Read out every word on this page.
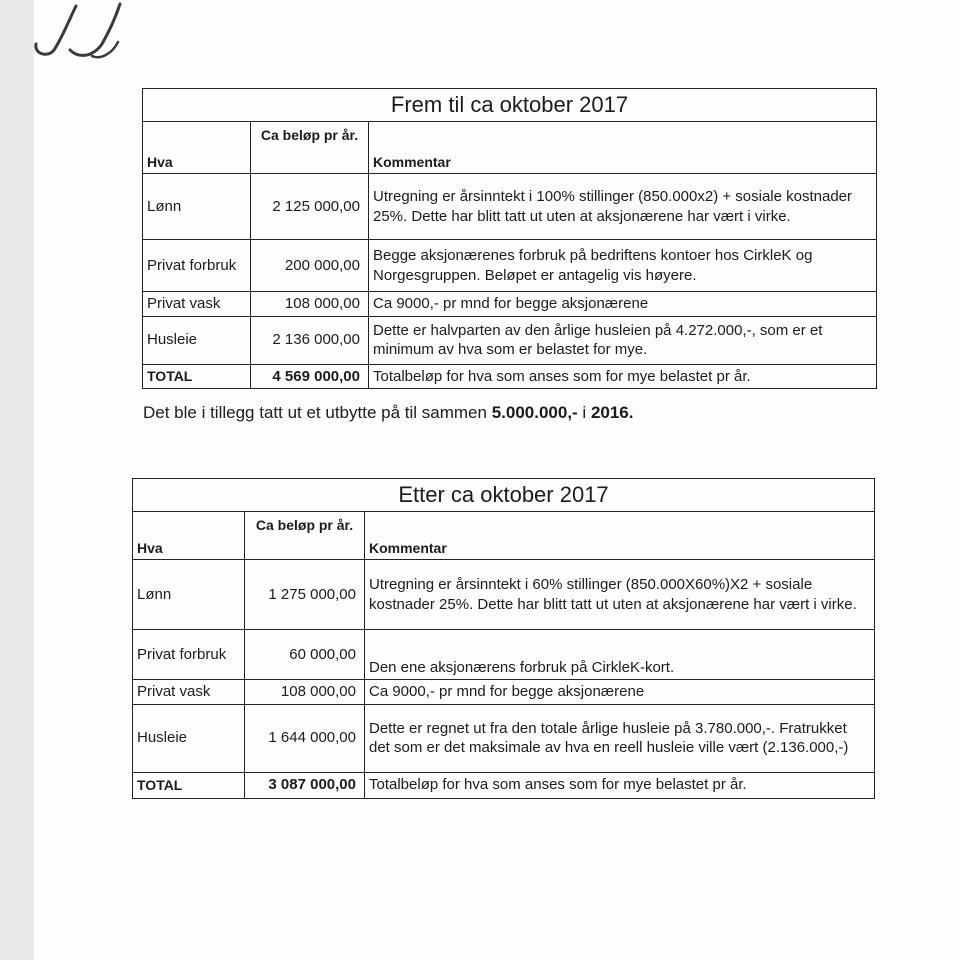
Frem til ca oktober 2017		
Hva	Ca beløp pr år.	Kommentar
Lønn	2 125 000,00	Utregning er årsinntekt i 100% stillinger (850.000x2) + sosiale kostnader 25%. Dette har blitt tatt ut uten at aksjonærene har vært i virke.
Privat forbruk	200 000,00	Begge aksjonærenes forbruk på bedriftens kontoer hos CirkleK og Norgesgruppen. Beløpet er antagelig vis høyere.
Privat vask	108 000,00	Ca 9000,- pr mnd for begge aksjonærene
Husleie	2 136 000,00	Dette er halvparten av den årlige husleien på 4.272.000,-, som er et minimum av hva som er belastet for mye.
TOTAL	4 569 000,00	Totalbeløp for hva som anses som for mye belastet pr år.
Det ble i tillegg tatt ut et utbytte på til sammen 5.000.000,- i 2016.
Etter ca oktober 2017		
Hva	Ca beløp pr år.	Kommentar
Lønn	1 275 000,00	Utregning er årsinntekt i 60% stillinger (850.000X60%)X2 + sosiale kostnader 25%. Dette har blitt tatt ut uten at aksjonærene har vært i virke.
Privat forbruk	60 000,00	Den ene aksjonærens forbruk på CirkleK-kort.
Privat vask	108 000,00	Ca 9000,- pr mnd for begge aksjonærene
Husleie	1 644 000,00	Dette er regnet ut fra den totale årlige husleie på 3.780.000,-. Fratrukket det som er det maksimale av hva en reell husleie ville vært (2.136.000,-)
TOTAL	3 087 000,00	Totalbeløp for hva som anses som for mye belastet pr år.
